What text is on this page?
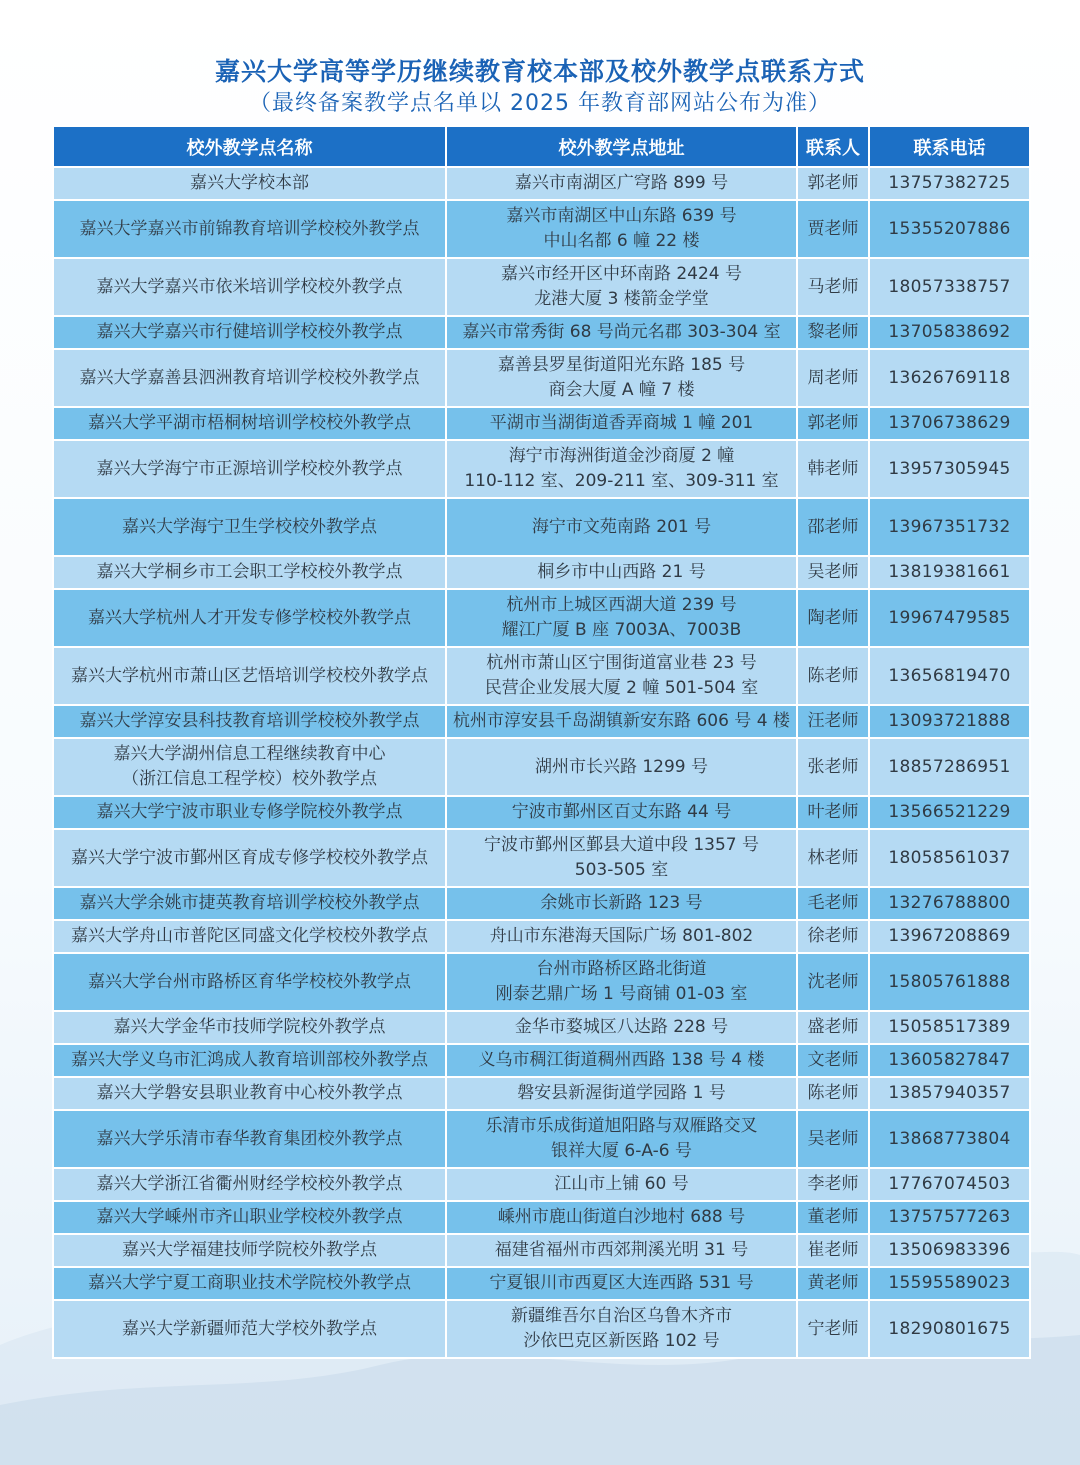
嘉兴大学高等学历继续教育校本部及校外教学点联系方式
（最终备案教学点名单以 2025 年教育部网站公布为准）
校外教学点名称	校外教学点地址	联系人	联系电话

嘉兴大学校本部	嘉兴市南湖区广穹路 899 号	郭老师	13757382725

嘉兴大学嘉兴市前锦教育培训学校校外教学点	嘉兴市南湖区中山东路 639 号
中山名都 6 幢 22 楼	贾老师	15355207886

嘉兴大学嘉兴市依米培训学校校外教学点	嘉兴市经开区中环南路 2424 号
龙港大厦 3 楼箭金学堂	马老师	18057338757

嘉兴大学嘉兴市行健培训学校校外教学点	嘉兴市常秀街 68 号尚元名郡 303-304 室	黎老师	13705838692

嘉兴大学嘉善县泗洲教育培训学校校外教学点	嘉善县罗星街道阳光东路 185 号
商会大厦 A 幢 7 楼	周老师	13626769118

嘉兴大学平湖市梧桐树培训学校校外教学点	平湖市当湖街道香弄商城 1 幢 201	郭老师	13706738629

嘉兴大学海宁市正源培训学校校外教学点	海宁市海洲街道金沙商厦 2 幢
110-112 室、209-211 室、309-311 室	韩老师	13957305945

嘉兴大学海宁卫生学校校外教学点	海宁市文苑南路 201 号	邵老师	13967351732

嘉兴大学桐乡市工会职工学校校外教学点	桐乡市中山西路 21 号	吴老师	13819381661

嘉兴大学杭州人才开发专修学校校外教学点	杭州市上城区西湖大道 239 号
耀江广厦 B 座 7003A、7003B	陶老师	19967479585

嘉兴大学杭州市萧山区艺悟培训学校校外教学点	杭州市萧山区宁围街道富业巷 23 号
民营企业发展大厦 2 幢 501-504 室	陈老师	13656819470

嘉兴大学淳安县科技教育培训学校校外教学点	杭州市淳安县千岛湖镇新安东路 606 号 4 楼	汪老师	13093721888

嘉兴大学湖州信息工程继续教育中心
（浙江信息工程学校）校外教学点	湖州市长兴路 1299 号	张老师	18857286951

嘉兴大学宁波市职业专修学院校外教学点	宁波市鄞州区百丈东路 44 号	叶老师	13566521229

嘉兴大学宁波市鄞州区育成专修学校校外教学点	宁波市鄞州区鄞县大道中段 1357 号
503-505 室	林老师	18058561037

嘉兴大学余姚市捷英教育培训学校校外教学点	余姚市长新路 123 号	毛老师	13276788800

嘉兴大学舟山市普陀区同盛文化学校校外教学点	舟山市东港海天国际广场 801-802	徐老师	13967208869

嘉兴大学台州市路桥区育华学校校外教学点	台州市路桥区路北街道
刚泰艺鼎广场 1 号商铺 01-03 室	沈老师	15805761888

嘉兴大学金华市技师学院校外教学点	金华市婺城区八达路 228 号	盛老师	15058517389

嘉兴大学义乌市汇鸿成人教育培训部校外教学点	义乌市稠江街道稠州西路 138 号 4 楼	文老师	13605827847

嘉兴大学磐安县职业教育中心校外教学点	磐安县新渥街道学园路 1 号	陈老师	13857940357

嘉兴大学乐清市春华教育集团校外教学点	乐清市乐成街道旭阳路与双雁路交叉
银祥大厦 6-A-6 号	吴老师	13868773804

嘉兴大学浙江省衢州财经学校校外教学点	江山市上铺 60 号	李老师	17767074503

嘉兴大学嵊州市齐山职业学校校外教学点	嵊州市鹿山街道白沙地村 688 号	董老师	13757577263

嘉兴大学福建技师学院校外教学点	福建省福州市西郊荆溪光明 31 号	崔老师	13506983396

嘉兴大学宁夏工商职业技术学院校外教学点	宁夏银川市西夏区大连西路 531 号	黄老师	15595589023

嘉兴大学新疆师范大学校外教学点	新疆维吾尔自治区乌鲁木齐市
沙依巴克区新医路 102 号	宁老师	18290801675
